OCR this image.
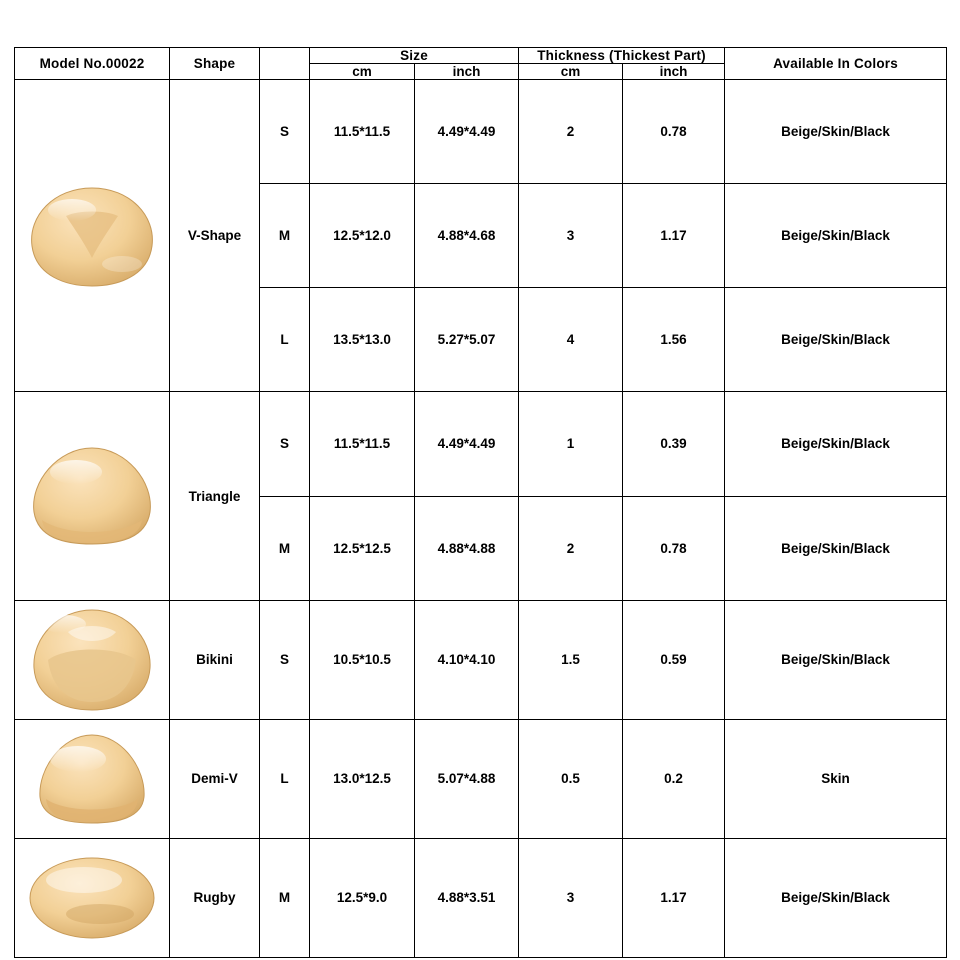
Model No.00022	Shape		Size		Thickness (Thickest Part)		Available In Colors
			cm	inch	cm	inch	

	V-Shape	S	11.5*11.5	4.49*4.49	2	0.78	Beige/Skin/Black
		M	12.5*12.0	4.88*4.68	3	1.17	Beige/Skin/Black
		L	13.5*13.0	5.27*5.07	4	1.56	Beige/Skin/Black

	Triangle	S	11.5*11.5	4.49*4.49	1	0.39	Beige/Skin/Black
		M	12.5*12.5	4.88*4.88	2	0.78	Beige/Skin/Black

	Bikini	S	10.5*10.5	4.10*4.10	1.5	0.59	Beige/Skin/Black

	Demi-V	L	13.0*12.5	5.07*4.88	0.5	0.2	Skin

	Rugby	M	12.5*9.0	4.88*3.51	3	1.17	Beige/Skin/Black
